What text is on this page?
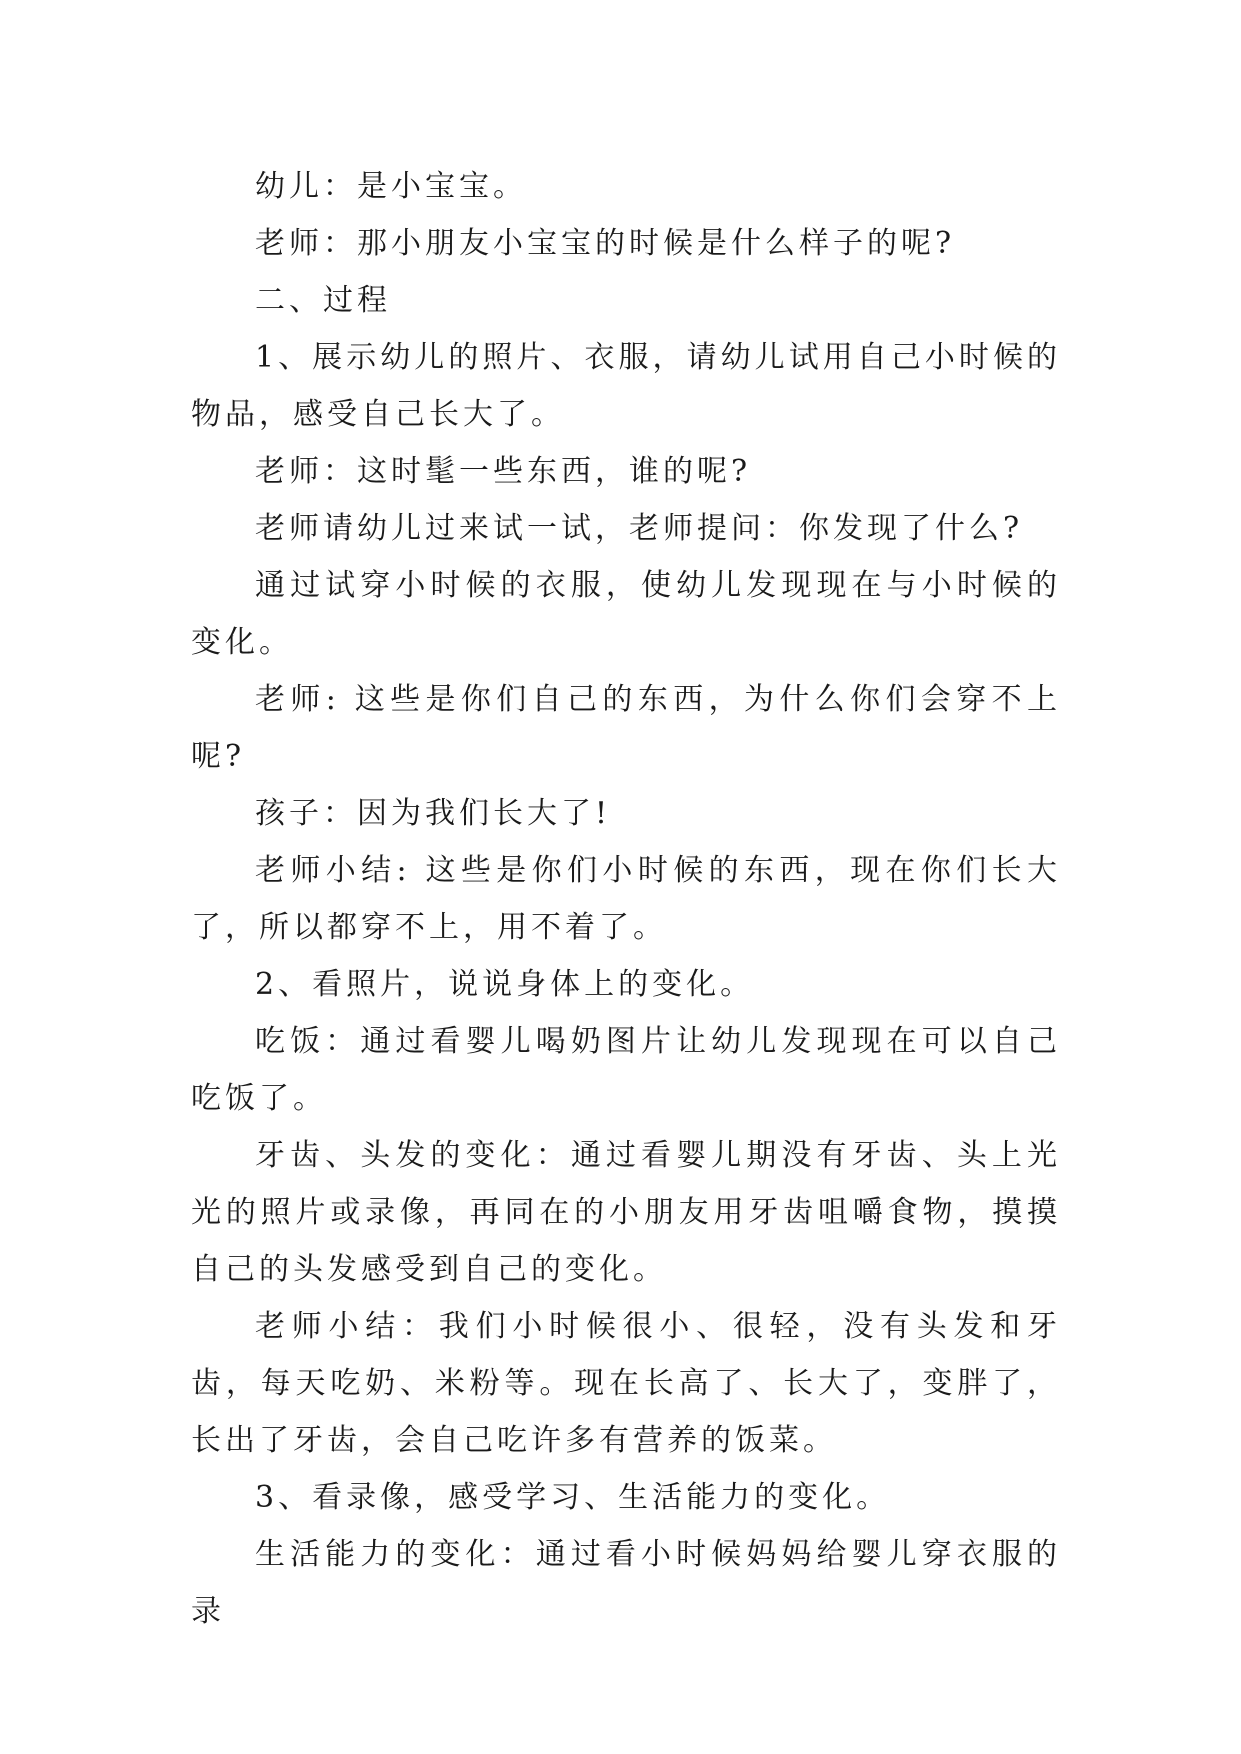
幼儿：是小宝宝。

老师：那小朋友小宝宝的时候是什么样子的呢?

二、过程

1、展示幼儿的照片、衣服，请幼儿试用自己小时候的物品，感受自己长大了。

老师：这时髦一些东西，谁的呢?

老师请幼儿过来试一试，老师提问：你发现了什么?

通过试穿小时候的衣服，使幼儿发现现在与小时候的变化。

老师: 这些是你们自己的东西，为什么你们会穿不上呢?

孩子：因为我们长大了!

老师小结: 这些是你们小时候的东西，现在你们长大了，所以都穿不上，用不着了。

2、看照片，说说身体上的变化。

吃饭：通过看婴儿喝奶图片让幼儿发现现在可以自己吃饭了。

牙齿、头发的变化：通过看婴儿期没有牙齿、头上光光的照片或录像，再同在的小朋友用牙齿咀嚼食物，摸摸自己的头发感受到自己的变化。

老师小结：我们小时候很小、很轻，没有头发和牙齿，每天吃奶、米粉等。现在长高了、长大了，变胖了，长出了牙齿，会自己吃许多有营养的饭菜。

3、看录像，感受学习、生活能力的变化。

生活能力的变化：通过看小时候妈妈给婴儿穿衣服的录
